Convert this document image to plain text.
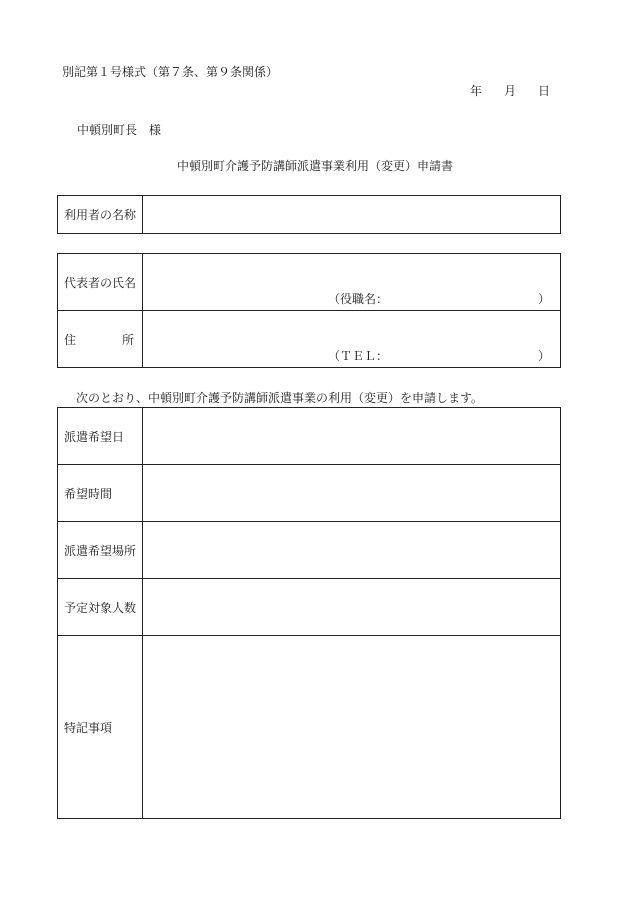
別記第１号様式（第７条、第９条関係）
年 月 日
中頓別町長　様
中頓別町介護予防講師派遣事業利用（変更）申請書
利用者の名称	
代表者の氏名	（役職名： ）

住 所	（ＴＥＬ： ）
次のとおり、中頓別町介護予防講師派遣事業の利用（変更）を申請します。
派遣希望日	
希望時間	
派遣希望場所	
予定対象人数	
特記事項	
